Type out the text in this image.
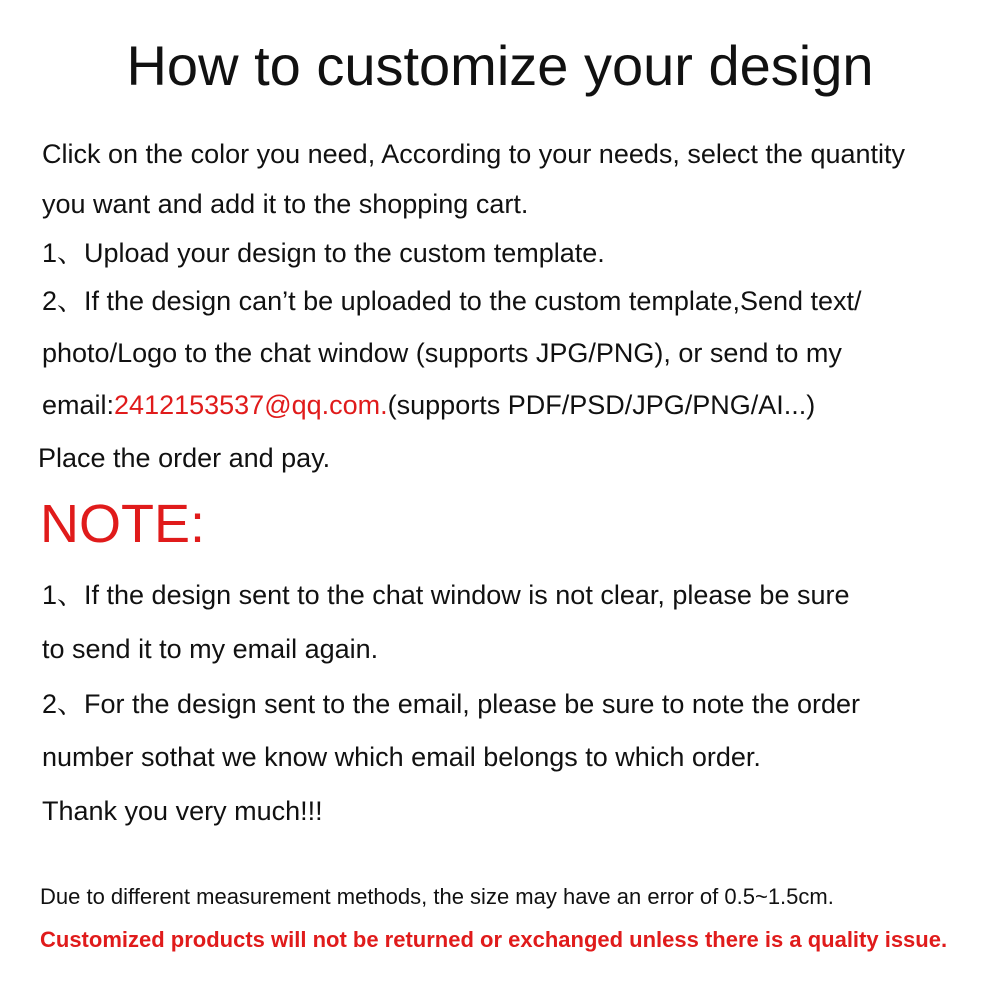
How to customize your design
Click on the color you need, According to your needs, select the quantity
you want and add it to the shopping cart.
1、Upload your design to the custom template.
2、If the design can’t be uploaded to the custom template,Send text/
photo/Logo to the chat window (supports JPG/PNG), or send to my
email:2412153537@qq.com.(supports PDF/PSD/JPG/PNG/AI...)
Place the order and pay.
NOTE:
1、If the design sent to the chat window is not clear, please be sure
to send it to my email again.
2、For the design sent to the email, please be sure to note the order
number sothat we know which email belongs to which order.
Thank you very much!!!
Due to different measurement methods, the size may have an error of 0.5~1.5cm.
Customized products will not be returned or exchanged unless there is a quality issue.
